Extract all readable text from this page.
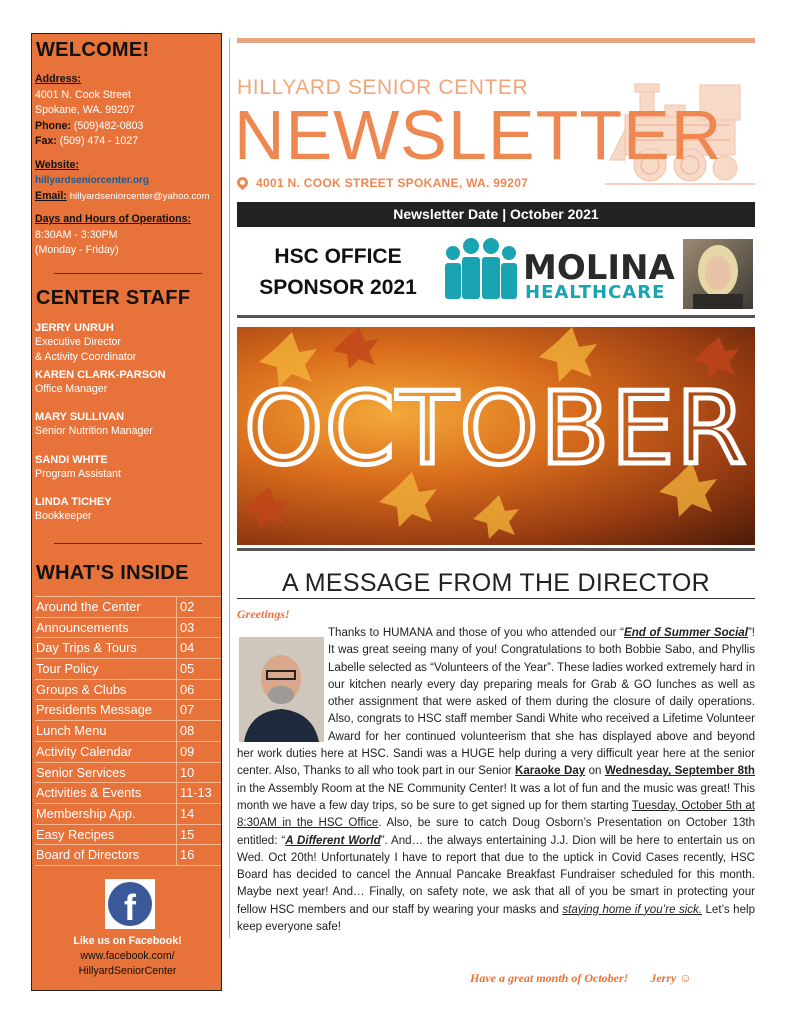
WELCOME!
Address:
4001 N. Cook Street
Spokane, WA. 99207
Phone: (509)482-0803
Fax: (509) 474 - 1027
Website:
hillyardseniorcenter.org
Email: hillyardseniorcenter@yahoo.com
Days and Hours of Operations:
8:30AM - 3:30PM
(Monday - Friday)
CENTER STAFF
JERRY UNRUH
Executive Director
& Activity Coordinator
KAREN CLARK-PARSON
Office Manager
MARY SULLIVAN
Senior Nutrition Manager
SANDI WHITE
Program Assistant
LINDA TICHEY
Bookkeeper
WHAT'S INSIDE
Around the Center	02
Announcements	03
Day Trips & Tours	04
Tour Policy	05
Groups & Clubs	06
Presidents Message	07
Lunch Menu	08
Activity Calendar	09
Senior Services	10
Activities & Events	11-13
Membership App.	14
Easy Recipes	15
Board of Directors	16
f
Like us on Facebook!
www.facebook.com/
HillyardSeniorCenter
HILLYARD SENIOR CENTER
NEWSLETTER
4001 N. COOK STREET SPOKANE, WA. 99207
Newsletter Date | October 2021
HSC OFFICE
SPONSOR 2021	MOLINA
HEALTHCARE
OCTOBER
A MESSAGE FROM THE DIRECTOR
Greetings!
Thanks to HUMANA and those of you who attended our “End of Summer Social”! It was great seeing many of you! Congratulations to both Bobbie Sabo, and Phyllis Labelle selected as “Volunteers of the Year”. These ladies worked extremely hard in our kitchen nearly every day preparing meals for Grab & GO lunches as well as other assignment that were asked of them during the closure of daily operations. Also, congrats to HSC staff member Sandi White who received a Lifetime Volunteer Award for her continued volunteerism that she has displayed above and beyond her work duties here at HSC. Sandi was a HUGE help during a very difficult year here at the senior center. Also, Thanks to all who took part in our Senior Karaoke Day on Wednesday, September 8th in the Assembly Room at the NE Community Center! It was a lot of fun and the music was great! This month we have a few day trips, so be sure to get signed up for them starting Tuesday, October 5th at 8:30AM in the HSC Office. Also, be sure to catch Doug Osborn’s Presentation on October 13th entitled: “A Different World”. And… the always entertaining J.J. Dion will be here to entertain us on Wed. Oct 20th! Unfortunately I have to report that due to the uptick in Covid Cases recently, HSC Board has decided to cancel the Annual Pancake Breakfast Fundraiser scheduled for this month. Maybe next year! And… Finally, on safety note, we ask that all of you be smart in protecting your fellow HSC members and our staff by wearing your masks and staying home if you’re sick. Let’s help keep everyone safe!
Have a great month of October! Jerry ☺
